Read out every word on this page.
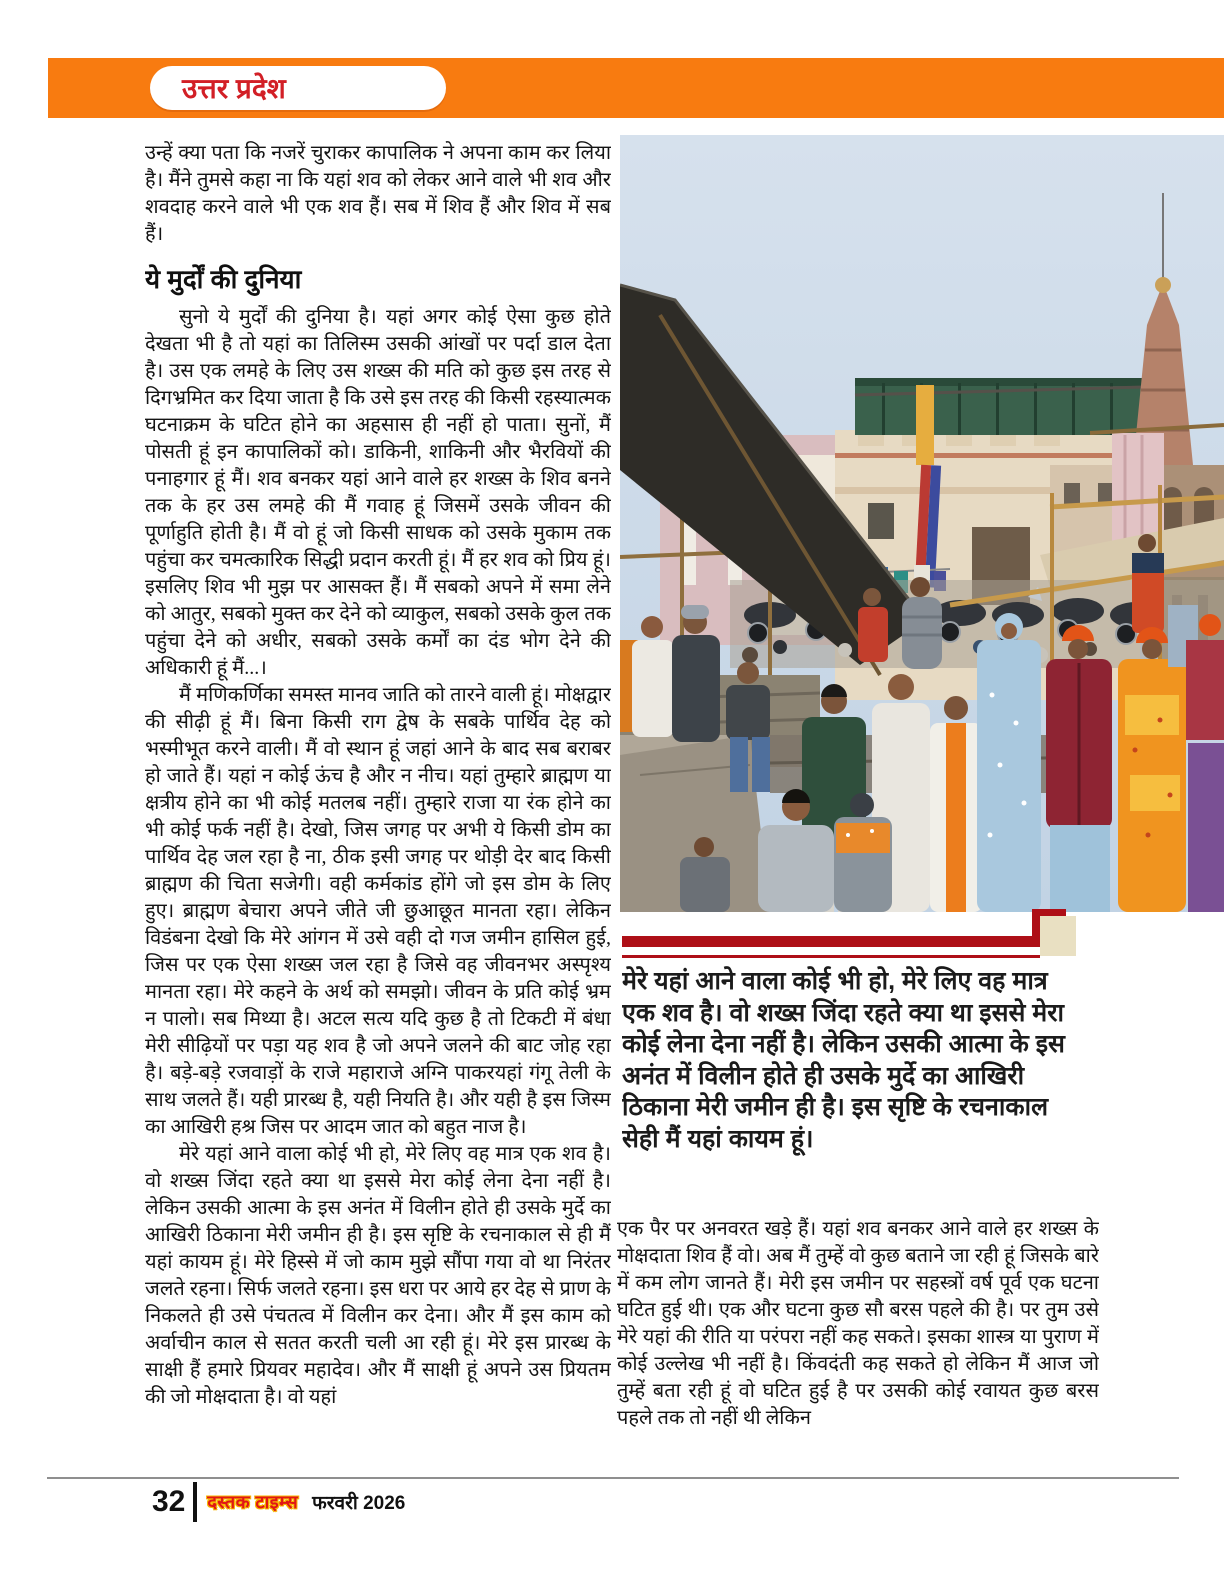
उत्तर प्रदेश

उन्हें क्या पता कि नजरें चुराकर कापालिक ने अपना काम कर लिया है। मैंने तुमसे कहा ना कि यहां शव को लेकर आने वाले भी शव और शवदाह करने वाले भी एक शव हैं। सब में शिव हैं और शिव में सब हैं।

ये मुर्दों की दुनिया

सुनो ये मुर्दों की दुनिया है। यहां अगर कोई ऐसा कुछ होते देखता भी है तो यहां का तिलिस्म उसकी आंखों पर पर्दा डाल देता है। उस एक लमहे के लिए उस शख्स की मति को कुछ इस तरह से दिगभ्रमित कर दिया जाता है कि उसे इस तरह की किसी रहस्यात्मक घटनाक्रम के घटित होने का अहसास ही नहीं हो पाता। सुनों, मैं पोसती हूं इन कापालिकों को। डाकिनी, शाकिनी और भैरवियों की पनाहगार हूं मैं। शव बनकर यहां आने वाले हर शख्स के शिव बनने तक के हर उस लमहे की मैं गवाह हूं जिसमें उसके जीवन की पूर्णाहुति होती है। मैं वो हूं जो किसी साधक को उसके मुकाम तक पहुंचा कर चमत्कारिक सिद्धी प्रदान करती हूं। मैं हर शव को प्रिय हूं। इसलिए शिव भी मुझ पर आसक्त हैं। मैं सबको अपने में समा लेने को आतुर, सबको मुक्त कर देने को व्याकुल, सबको उसके कुल तक पहुंचा देने को अधीर, सबको उसके कर्मों का दंड भोग देने की अधिकारी हूं मैं...।

मैं मणिकर्णिका समस्त मानव जाति को तारने वाली हूं। मोक्षद्वार की सीढ़ी हूं मैं। बिना किसी राग द्वेष के सबके पार्थिव देह को भस्मीभूत करने वाली। मैं वो स्थान हूं जहां आने के बाद सब बराबर हो जाते हैं। यहां न कोई ऊंच है और न नीच। यहां तुम्हारे ब्राह्मण या क्षत्रीय होने का भी कोई मतलब नहीं। तुम्हारे राजा या रंक होने का भी कोई फर्क नहीं है। देखो, जिस जगह पर अभी ये किसी डोम का पार्थिव देह जल रहा है ना, ठीक इसी जगह पर थोड़ी देर बाद किसी ब्राह्मण की चिता सजेगी। वही कर्मकांड होंगे जो इस डोम के लिए हुए। ब्राह्मण बेचारा अपने जीते जी छुआछूत मानता रहा। लेकिन विडंबना देखो कि मेरे आंगन में उसे वही दो गज जमीन हासिल हुई, जिस पर एक ऐसा शख्स जल रहा है जिसे वह जीवनभर अस्पृश्य मानता रहा। मेरे कहने के अर्थ को समझो। जीवन के प्रति कोई भ्रम न पालो। सब मिथ्या है। अटल सत्य यदि कुछ है तो टिकटी में बंधा मेरी सीढ़ियों पर पड़ा यह शव है जो अपने जलने की बाट जोह रहा है। बड़े-बड़े रजवाड़ों के राजे महाराजे अग्नि पाकरयहां गंगू तेली के साथ जलते हैं। यही प्रारब्ध है, यही नियति है। और यही है इस जिस्म का आखिरी हश्र जिस पर आदम जात को बहुत नाज है।

मेरे यहां आने वाला कोई भी हो, मेरे लिए वह मात्र एक शव है। वो शख्स जिंदा रहते क्या था इससे मेरा कोई लेना देना नहीं है। लेकिन उसकी आत्मा के इस अनंत में विलीन होते ही उसके मुर्दे का आखिरी ठिकाना मेरी जमीन ही है। इस सृष्टि के रचनाकाल से ही मैं यहां कायम हूं। मेरे हिस्से में जो काम मुझे सौंपा गया वो था निरंतर जलते रहना। सिर्फ जलते रहना। इस धरा पर आये हर देह से प्राण के निकलते ही उसे पंचतत्व में विलीन कर देना। और मैं इस काम को अर्वाचीन काल से सतत करती चली आ रही हूं। मेरे इस प्रारब्ध के साक्षी हैं हमारे प्रियवर महादेव। और मैं साक्षी हूं अपने उस प्रियतम की जो मोक्षदाता है। वो यहां

मेरे यहां आने वाला कोई भी हो, मेरे लिए वह मात्र एक शव है। वो शख्स जिंदा रहते क्या था इससे मेरा कोई लेना देना नहीं है। लेकिन उसकी आत्मा के इस अनंत में विलीन होते ही उसके मुर्दे का आखिरी ठिकाना मेरी जमीन ही है। इस सृष्टि के रचनाकाल सेही मैं यहां कायम हूं।

एक पैर पर अनवरत खड़े हैं। यहां शव बनकर आने वाले हर शख्स के मोक्षदाता शिव हैं वो। अब मैं तुम्हें वो कुछ बताने जा रही हूं जिसके बारे में कम लोग जानते हैं। मेरी इस जमीन पर सहस्त्रों वर्ष पूर्व एक घटना घटित हुई थी। एक और घटना कुछ सौ बरस पहले की है। पर तुम उसे मेरे यहां की रीति या परंपरा नहीं कह सकते। इसका शास्त्र या पुराण में कोई उल्लेख भी नहीं है। किंवदंती कह सकते हो लेकिन मैं आज जो तुम्हें बता रही हूं वो घटित हुई है पर उसकी कोई रवायत कुछ बरस पहले तक तो नहीं थी लेकिन

32 दस्तक टाइम्स फरवरी 2026
